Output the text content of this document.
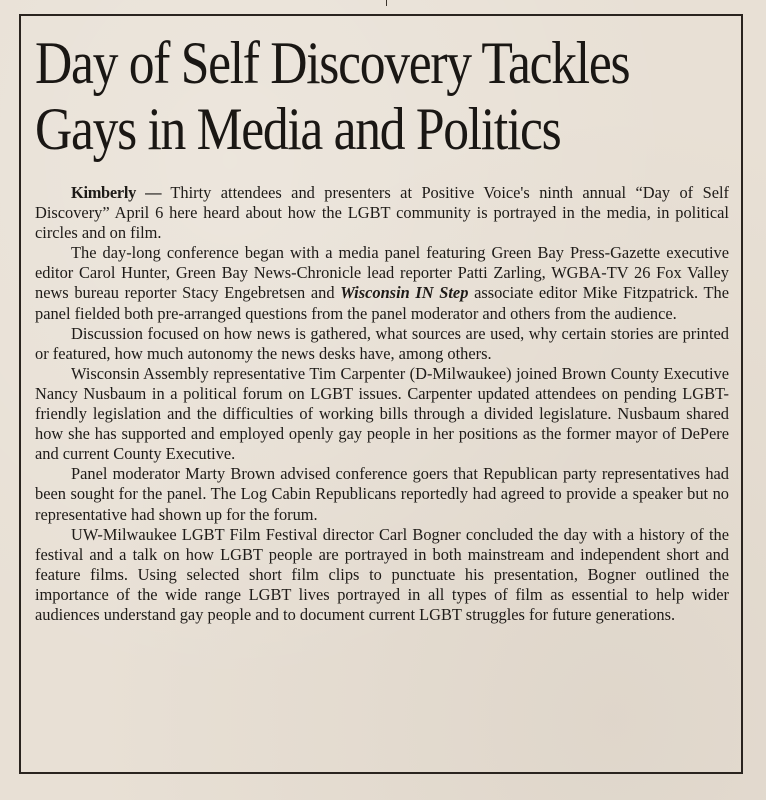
Day of Self Discovery Tackles
Gays in Media and Politics

Kimberly — Thirty attendees and presenters at Positive Voice's ninth annual “Day of Self Discovery” April 6 here heard about how the LGBT community is portrayed in the media, in political circles and on film.

The day-long conference began with a media panel featuring Green Bay Press-Gazette executive editor Carol Hunter, Green Bay News-Chronicle lead reporter Patti Zarling, WGBA-TV 26 Fox Valley news bureau reporter Stacy Engebretsen and Wisconsin IN Step associate editor Mike Fitzpatrick. The panel fielded both pre-arranged questions from the panel moderator and others from the audience.

Discussion focused on how news is gathered, what sources are used, why certain stories are printed or featured, how much autonomy the news desks have, among others.

Wisconsin Assembly representative Tim Carpenter (D-Milwaukee) joined Brown County Executive Nancy Nusbaum in a political forum on LGBT issues. Carpenter updated attendees on pending LGBT-friendly legislation and the difficulties of working bills through a divided legislature. Nusbaum shared how she has supported and employed openly gay people in her positions as the former mayor of DePere and current County Executive.

Panel moderator Marty Brown advised conference goers that Republican party representatives had been sought for the panel. The Log Cabin Republicans reportedly had agreed to provide a speaker but no representative had shown up for the forum.

UW-Milwaukee LGBT Film Festival director Carl Bogner concluded the day with a history of the festival and a talk on how LGBT people are portrayed in both mainstream and independent short and feature films. Using selected short film clips to punctuate his presentation, Bogner outlined the importance of the wide range LGBT lives portrayed in all types of film as essential to help wider audiences understand gay people and to document current LGBT struggles for future generations.
